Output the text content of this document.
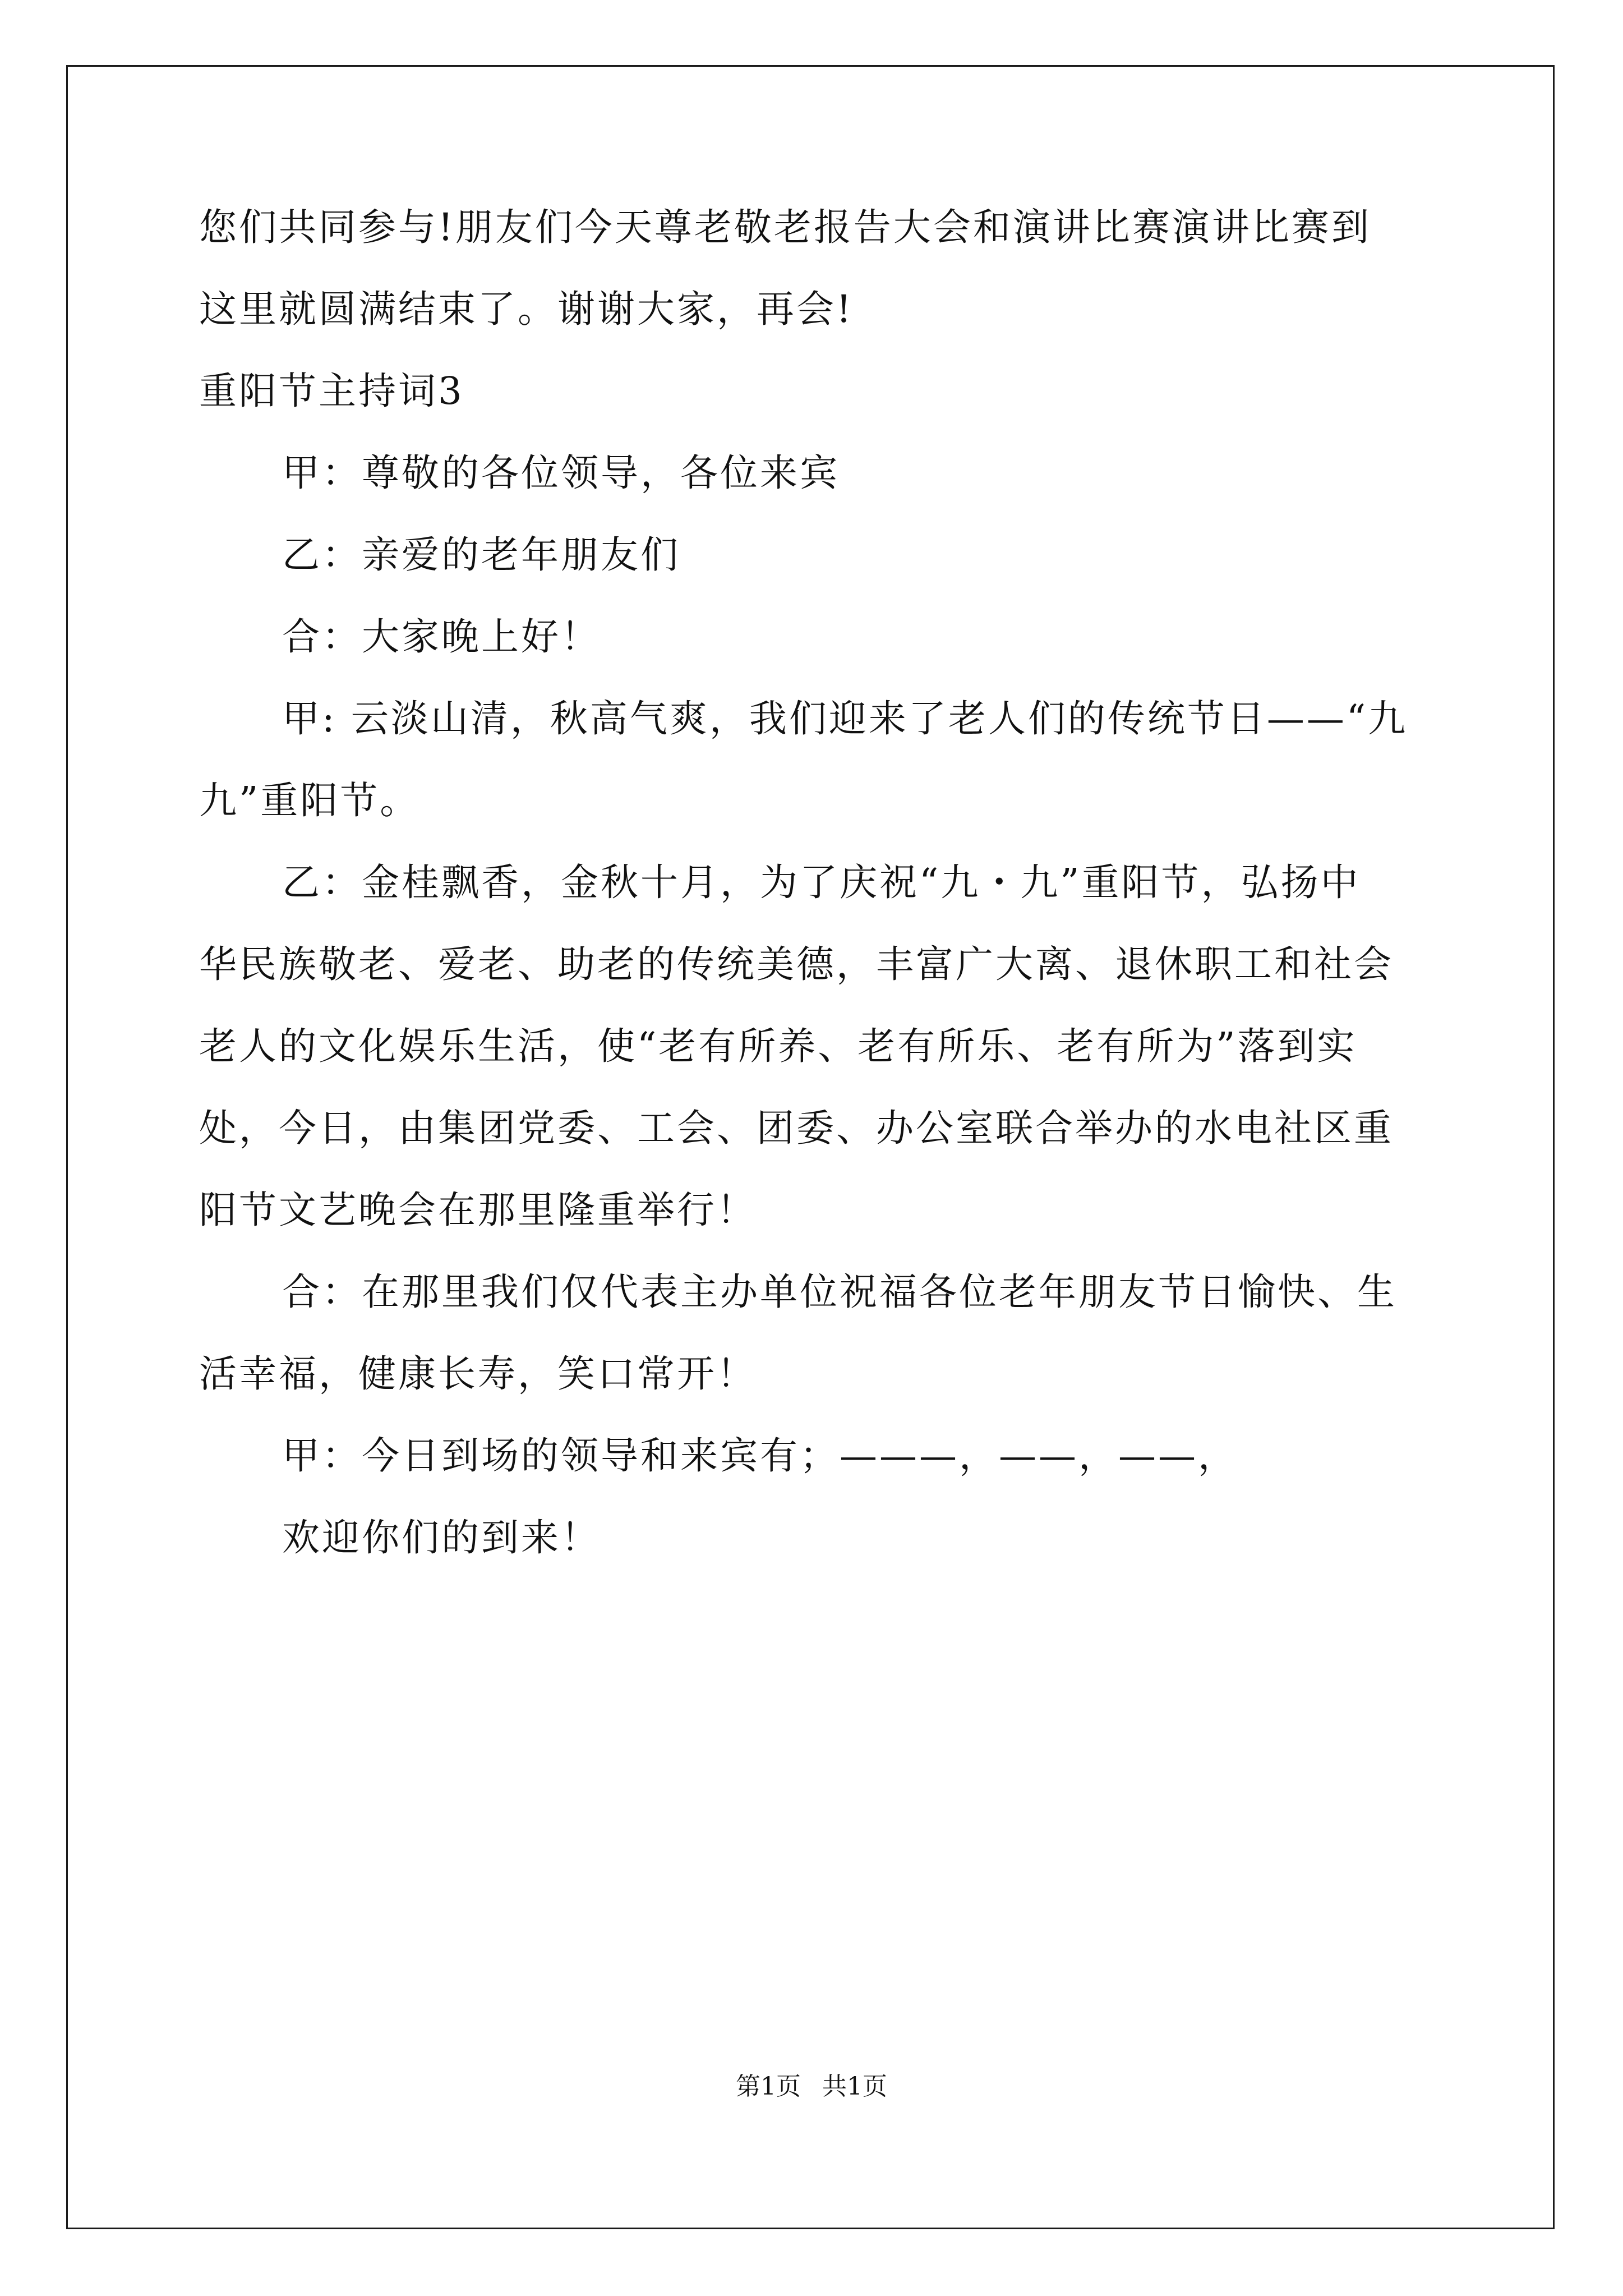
您们共同参与!朋友们今天尊老敬老报告大会和演讲比赛演讲比赛到
这里就圆满结束了。谢谢大家，再会!
重阳节主持词3
甲：尊敬的各位领导，各位来宾
乙：亲爱的老年朋友们
合：大家晚上好！
甲: 云淡山清，秋高气爽，我们迎来了老人们的传统节日——“九
九”重阳节。
乙：金桂飘香，金秋十月，为了庆祝“九・九”重阳节，弘扬中
华民族敬老、爱老、助老的传统美德，丰富广大离、退休职工和社会
老人的文化娱乐生活，使“老有所养、老有所乐、老有所为”落到实
处，今日，由集团党委、工会、团委、办公室联合举办的水电社区重
阳节文艺晚会在那里隆重举行！
合：在那里我们仅代表主办单位祝福各位老年朋友节日愉快、生
活幸福，健康长寿，笑口常开！
甲：今日到场的领导和来宾有；———，——，——，
欢迎你们的到来！
第1页 共1页
